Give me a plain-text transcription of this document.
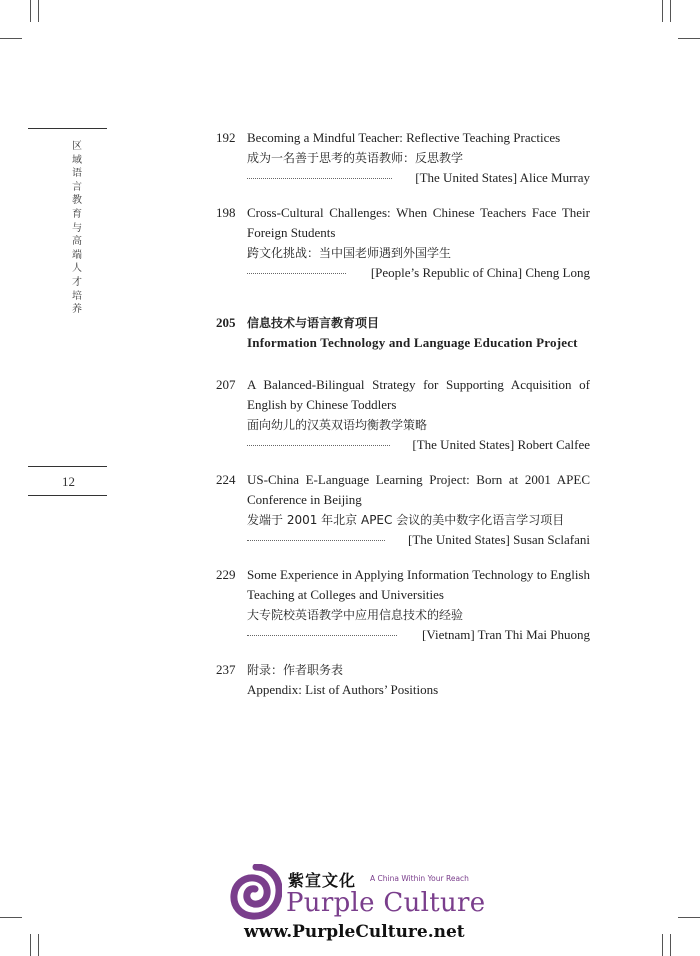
区域语言教育与高端人才培养
12
192 Becoming a Mindful Teacher: Reflective Teaching Practices
成为一名善于思考的英语教师：反思教学
[The United States] Alice Murray
198 Cross-Cultural Challenges: When Chinese Teachers Face Their Foreign Students
跨文化挑战：当中国老师遇到外国学生
[People’s Republic of China] Cheng Long
205 信息技术与语言教育项目
Information Technology and Language Education Project
207 A Balanced-Bilingual Strategy for Supporting Acquisition of English by Chinese Toddlers
面向幼儿的汉英双语均衡教学策略
[The United States] Robert Calfee
224 US-China E-Language Learning Project: Born at 2001 APEC Conference in Beijing
发端于 2001 年北京 APEC 会议的美中数字化语言学习项目
[The United States] Susan Sclafani
229 Some Experience in Applying Information Technology to English Teaching at Colleges and Universities
大专院校英语教学中应用信息技术的经验
[Vietnam] Tran Thi Mai Phuong
237 附录：作者职务表
Appendix: List of Authors’ Positions
紫宣文化 A China Within Your Reach
Purple Culture
www.PurpleCulture.net
